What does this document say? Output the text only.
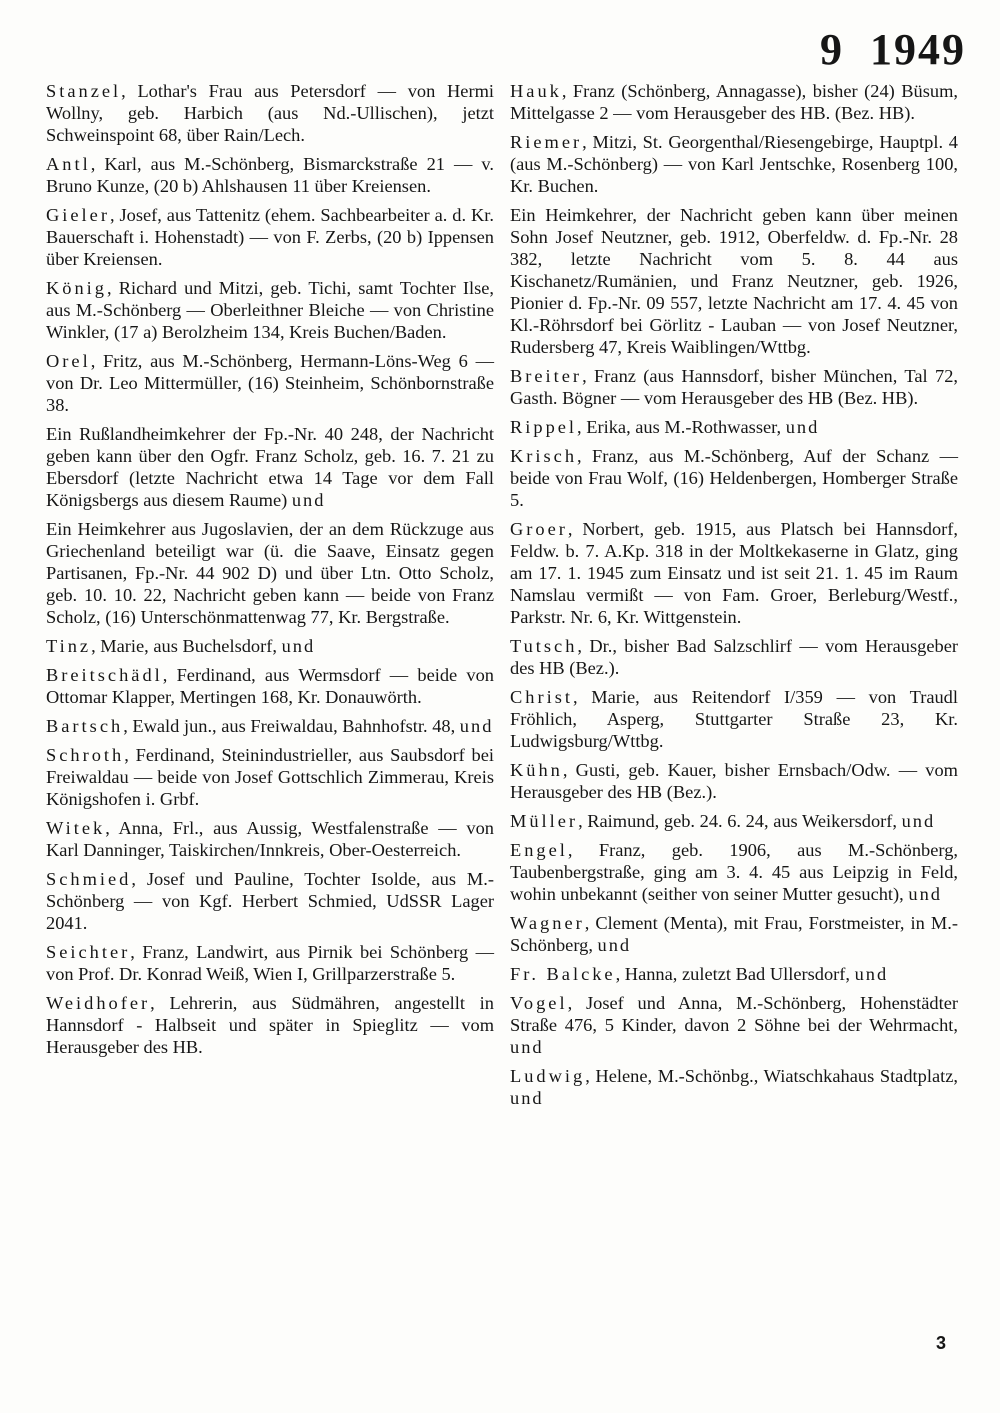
9 1949

Stanzel, Lothar's Frau aus Petersdorf — von Hermi Wollny, geb. Harbich (aus Nd.-Ullischen), jetzt Schweinspoint 68, über Rain/Lech.

Antl, Karl, aus M.-Schönberg, Bismarckstraße 21 — v. Bruno Kunze, (20 b) Ahlshausen 11 über Kreiensen.

Gieler, Josef, aus Tattenitz (ehem. Sachbearbeiter a. d. Kr. Bauerschaft i. Hohenstadt) — von F. Zerbs, (20 b) Ippensen über Kreiensen.

König, Richard und Mitzi, geb. Tichi, samt Tochter Ilse, aus M.-Schönberg — Oberleithner Bleiche — von Christine Winkler, (17 a) Berolzheim 134, Kreis Buchen/Baden.

Orel, Fritz, aus M.-Schönberg, Hermann-Löns-Weg 6 — von Dr. Leo Mittermüller, (16) Steinheim, Schönbornstraße 38.

Ein Rußlandheimkehrer der Fp.-Nr. 40 248, der Nachricht geben kann über den Ogfr. Franz Scholz, geb. 16. 7. 21 zu Ebersdorf (letzte Nachricht etwa 14 Tage vor dem Fall Königsbergs aus diesem Raume) und

Ein Heimkehrer aus Jugoslavien, der an dem Rückzuge aus Griechenland beteiligt war (ü. die Saave, Einsatz gegen Partisanen, Fp.-Nr. 44 902 D) und über Ltn. Otto Scholz, geb. 10. 10. 22, Nachricht geben kann — beide von Franz Scholz, (16) Unterschönmattenwag 77, Kr. Bergstraße.

Tinz, Marie, aus Buchelsdorf, und

Breitschädl, Ferdinand, aus Wermsdorf — beide von Ottomar Klapper, Mertingen 168, Kr. Donauwörth.

Bartsch, Ewald jun., aus Freiwaldau, Bahnhofstr. 48, und

Schroth, Ferdinand, Steinindustrieller, aus Saubsdorf bei Freiwaldau — beide von Josef Gottschlich Zimmerau, Kreis Königshofen i. Grbf.

Witek, Anna, Frl., aus Aussig, Westfalenstraße — von Karl Danninger, Taiskirchen/Innkreis, Ober-Oesterreich.

Schmied, Josef und Pauline, Tochter Isolde, aus M.-Schönberg — von Kgf. Herbert Schmied, UdSSR Lager 2041.

Seichter, Franz, Landwirt, aus Pirnik bei Schönberg — von Prof. Dr. Konrad Weiß, Wien I, Grillparzerstraße 5.

Weidhofer, Lehrerin, aus Südmähren, angestellt in Hannsdorf - Halbseit und später in Spieglitz — vom Herausgeber des HB.

Hauk, Franz (Schönberg, Annagasse), bisher (24) Büsum, Mittelgasse 2 — vom Herausgeber des HB. (Bez. HB).

Riemer, Mitzi, St. Georgenthal/Riesengebirge, Hauptpl. 4 (aus M.-Schönberg) — von Karl Jentschke, Rosenberg 100, Kr. Buchen.

Ein Heimkehrer, der Nachricht geben kann über meinen Sohn Josef Neutzner, geb. 1912, Oberfeldw. d. Fp.-Nr. 28 382, letzte Nachricht vom 5. 8. 44 aus Kischanetz/Rumänien, und Franz Neutzner, geb. 1926, Pionier d. Fp.-Nr. 09 557, letzte Nachricht am 17. 4. 45 von Kl.-Röhrsdorf bei Görlitz - Lauban — von Josef Neutzner, Rudersberg 47, Kreis Waiblingen/Wttbg.

Breiter, Franz (aus Hannsdorf, bisher München, Tal 72, Gasth. Bögner — vom Herausgeber des HB (Bez. HB).

Rippel, Erika, aus M.-Rothwasser, und

Krisch, Franz, aus M.-Schönberg, Auf der Schanz — beide von Frau Wolf, (16) Heldenbergen, Homberger Straße 5.

Groer, Norbert, geb. 1915, aus Platsch bei Hannsdorf, Feldw. b. 7. A.Kp. 318 in der Moltkekaserne in Glatz, ging am 17. 1. 1945 zum Einsatz und ist seit 21. 1. 45 im Raum Namslau vermißt — von Fam. Groer, Berleburg/Westf., Parkstr. Nr. 6, Kr. Wittgenstein.

Tutsch, Dr., bisher Bad Salzschlirf — vom Herausgeber des HB (Bez.).

Christ, Marie, aus Reitendorf I/359 — von Traudl Fröhlich, Asperg, Stuttgarter Straße 23, Kr. Ludwigsburg/Wttbg.

Kühn, Gusti, geb. Kauer, bisher Ernsbach/Odw. — vom Herausgeber des HB (Bez.).

Müller, Raimund, geb. 24. 6. 24, aus Weikersdorf, und

Engel, Franz, geb. 1906, aus M.-Schönberg, Taubenbergstraße, ging am 3. 4. 45 aus Leipzig in Feld, wohin unbekannt (seither von seiner Mutter gesucht), und

Wagner, Clement (Menta), mit Frau, Forstmeister, in M.-Schönberg, und

Fr. Balcke, Hanna, zuletzt Bad Ullersdorf, und

Vogel, Josef und Anna, M.-Schönberg, Hohenstädter Straße 476, 5 Kinder, davon 2 Söhne bei der Wehrmacht, und

Ludwig, Helene, M.-Schönbg., Wiatschkahaus Stadtplatz, und

3
